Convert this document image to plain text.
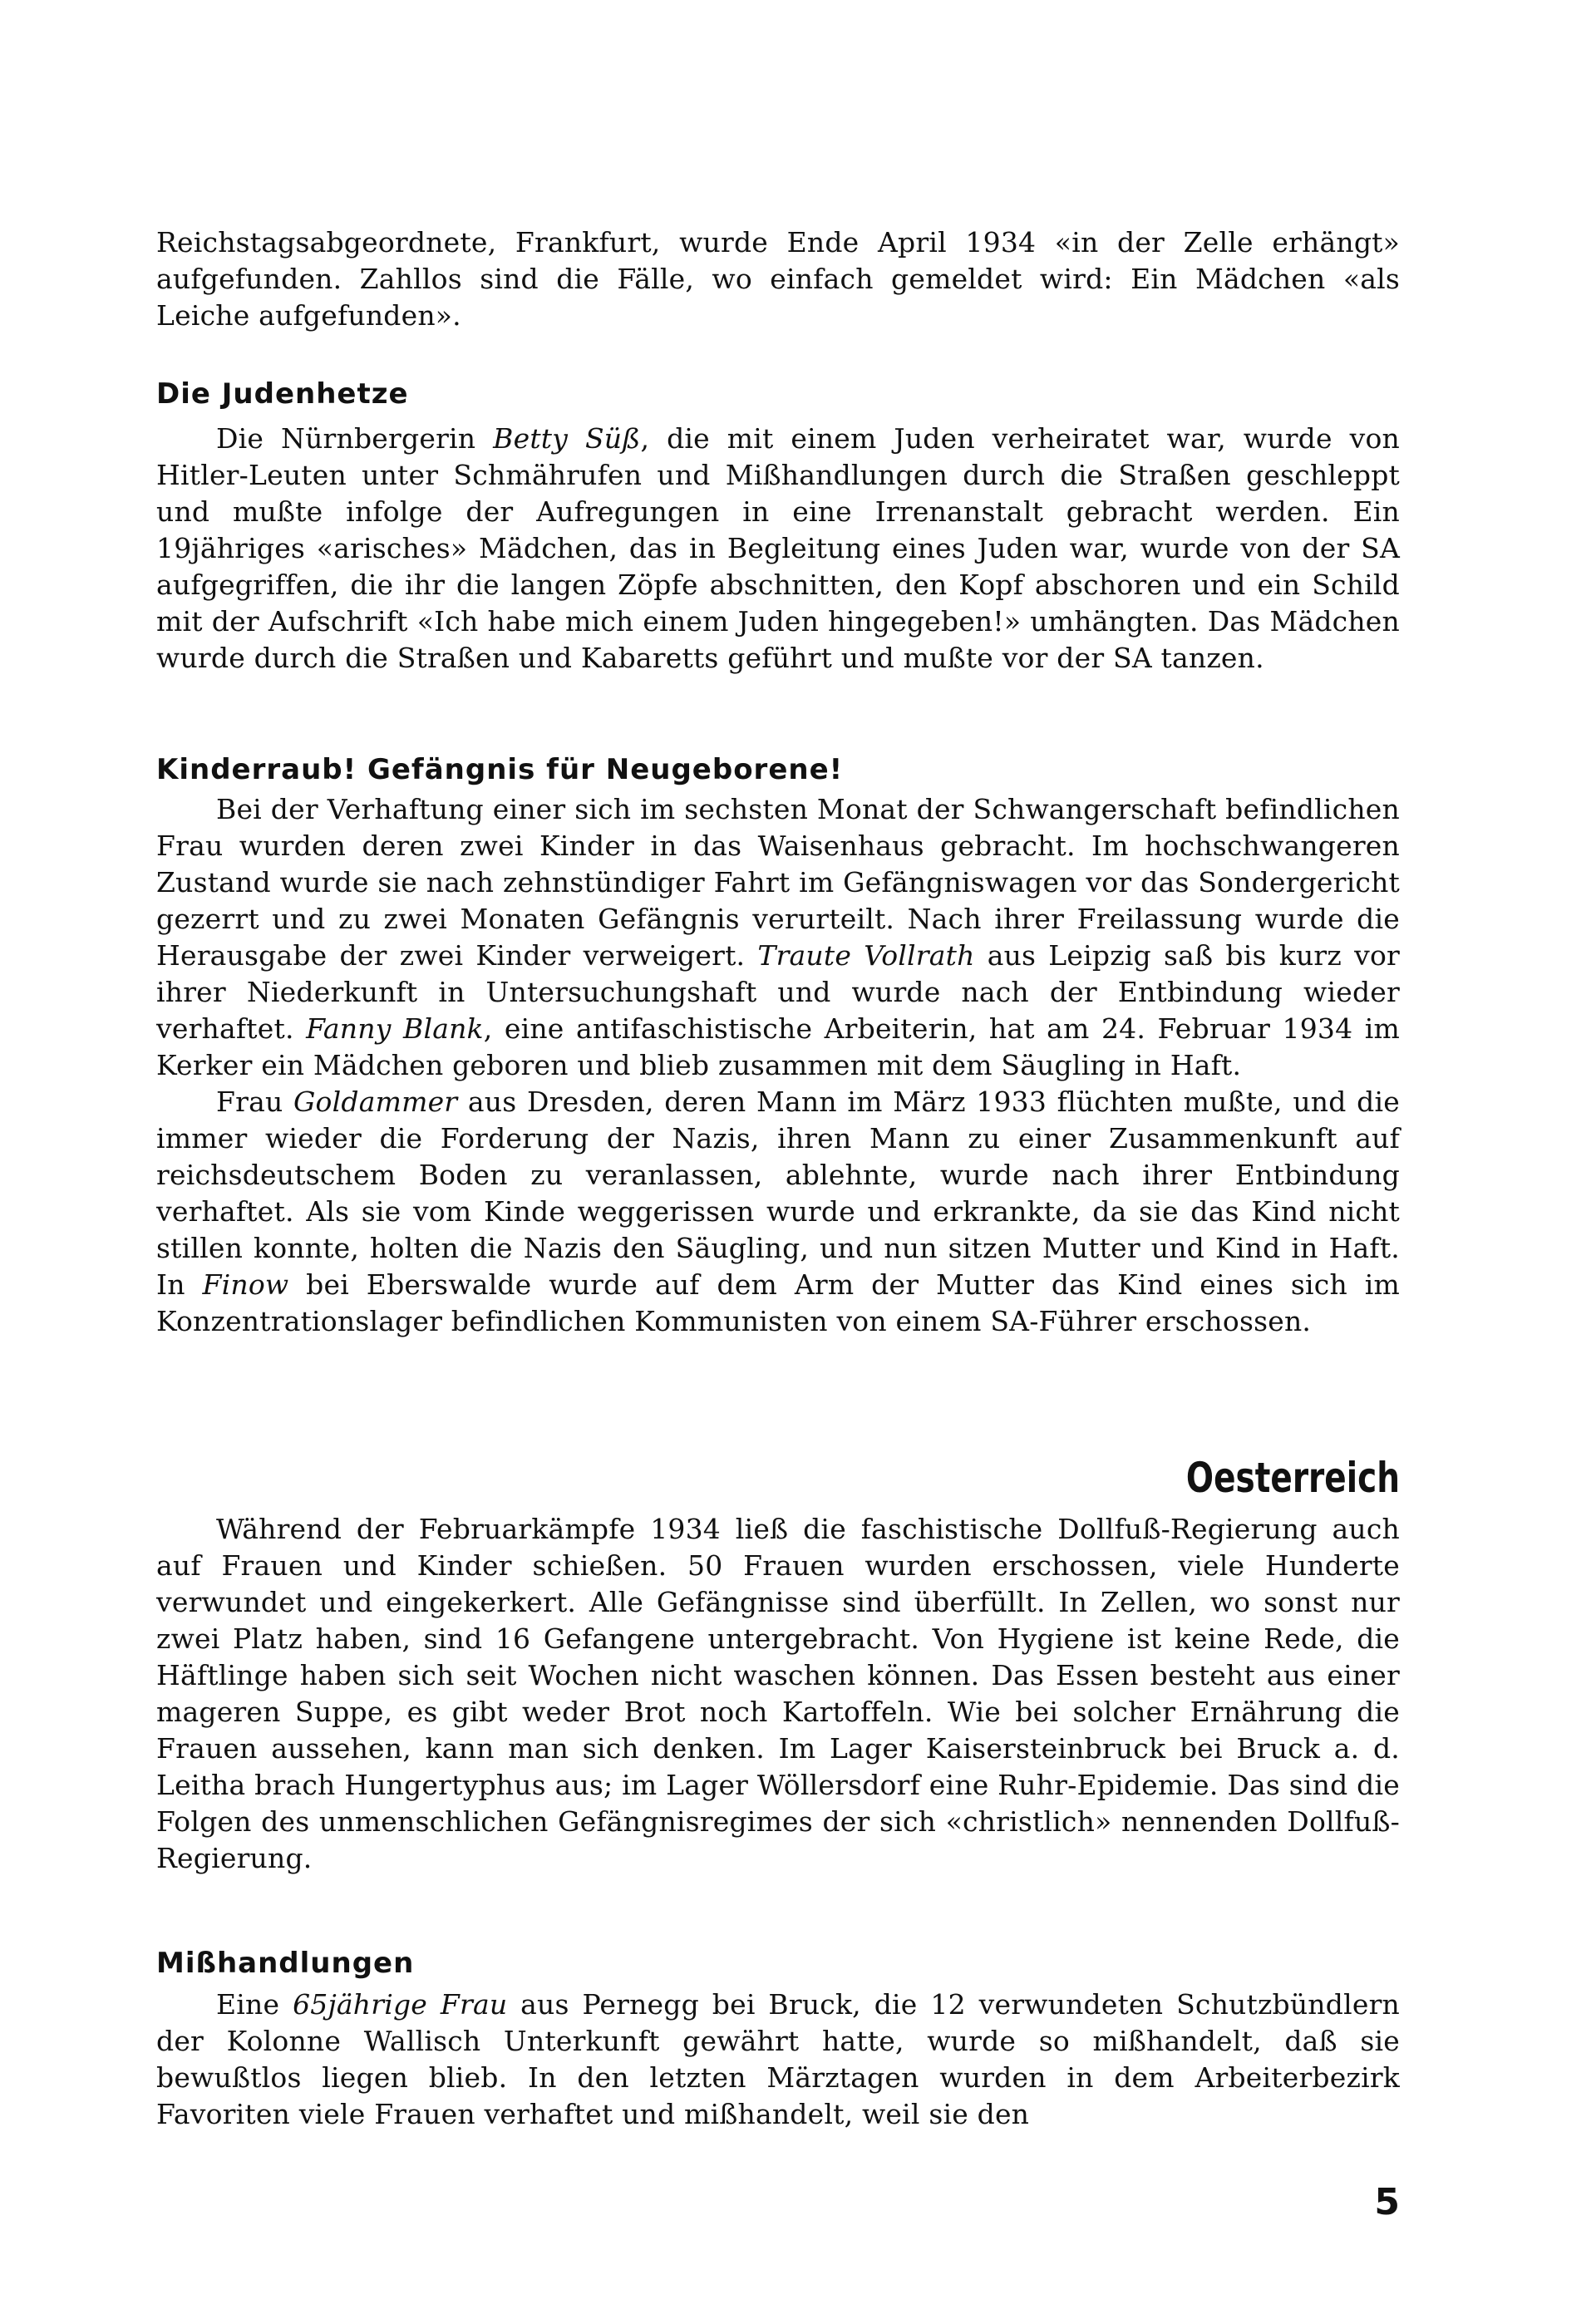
Reichstagsabgeordnete, Frankfurt, wurde Ende April 1934 «in der Zelle erhängt» aufgefunden. Zahllos sind die Fälle, wo einfach gemeldet wird: Ein Mädchen «als Leiche aufgefunden».

Die Judenhetze

Die Nürnbergerin Betty Süß, die mit einem Juden verheiratet war, wurde von Hitler-Leuten unter Schmährufen und Mißhandlungen durch die Straßen geschleppt und mußte infolge der Aufregungen in eine Irrenanstalt gebracht werden. Ein 19jähriges «arisches» Mädchen, das in Begleitung eines Juden war, wurde von der SA aufgegriffen, die ihr die langen Zöpfe abschnitten, den Kopf abschoren und ein Schild mit der Aufschrift «Ich habe mich einem Juden hingegeben!» umhängten. Das Mädchen wurde durch die Straßen und Kabaretts geführt und mußte vor der SA tanzen.

Kinderraub! Gefängnis für Neugeborene!

Bei der Verhaftung einer sich im sechsten Monat der Schwangerschaft befindlichen Frau wurden deren zwei Kinder in das Waisenhaus gebracht. Im hochschwangeren Zustand wurde sie nach zehnstündiger Fahrt im Gefängniswagen vor das Sondergericht gezerrt und zu zwei Monaten Gefängnis verurteilt. Nach ihrer Freilassung wurde die Herausgabe der zwei Kinder verweigert. Traute Vollrath aus Leipzig saß bis kurz vor ihrer Niederkunft in Untersuchungshaft und wurde nach der Entbindung wieder verhaftet. Fanny Blank, eine antifaschistische Arbeiterin, hat am 24. Februar 1934 im Kerker ein Mädchen geboren und blieb zusammen mit dem Säugling in Haft.

Frau Goldammer aus Dresden, deren Mann im März 1933 flüchten mußte, und die immer wieder die Forderung der Nazis, ihren Mann zu einer Zusammenkunft auf reichsdeutschem Boden zu veranlassen, ablehnte, wurde nach ihrer Entbindung verhaftet. Als sie vom Kinde weggerissen wurde und erkrankte, da sie das Kind nicht stillen konnte, holten die Nazis den Säugling, und nun sitzen Mutter und Kind in Haft. In Finow bei Eberswalde wurde auf dem Arm der Mutter das Kind eines sich im Konzentrationslager befindlichen Kommunisten von einem SA-Führer erschossen.

Oesterreich

Während der Februarkämpfe 1934 ließ die faschistische Dollfuß-Regierung auch auf Frauen und Kinder schießen. 50 Frauen wurden erschossen, viele Hunderte verwundet und eingekerkert. Alle Gefängnisse sind überfüllt. In Zellen, wo sonst nur zwei Platz haben, sind 16 Gefangene untergebracht. Von Hygiene ist keine Rede, die Häftlinge haben sich seit Wochen nicht waschen können. Das Essen besteht aus einer mageren Suppe, es gibt weder Brot noch Kartoffeln. Wie bei solcher Ernährung die Frauen aussehen, kann man sich denken. Im Lager Kaisersteinbruck bei Bruck a. d. Leitha brach Hungertyphus aus; im Lager Wöllersdorf eine Ruhr-Epidemie. Das sind die Folgen des unmenschlichen Gefängnisregimes der sich «christlich» nennenden Dollfuß-Regierung.

Mißhandlungen

Eine 65jährige Frau aus Pernegg bei Bruck, die 12 verwundeten Schutzbündlern der Kolonne Wallisch Unterkunft gewährt hatte, wurde so mißhandelt, daß sie bewußtlos liegen blieb. In den letzten Märztagen wurden in dem Arbeiterbezirk Favoriten viele Frauen verhaftet und mißhandelt, weil sie den

5
